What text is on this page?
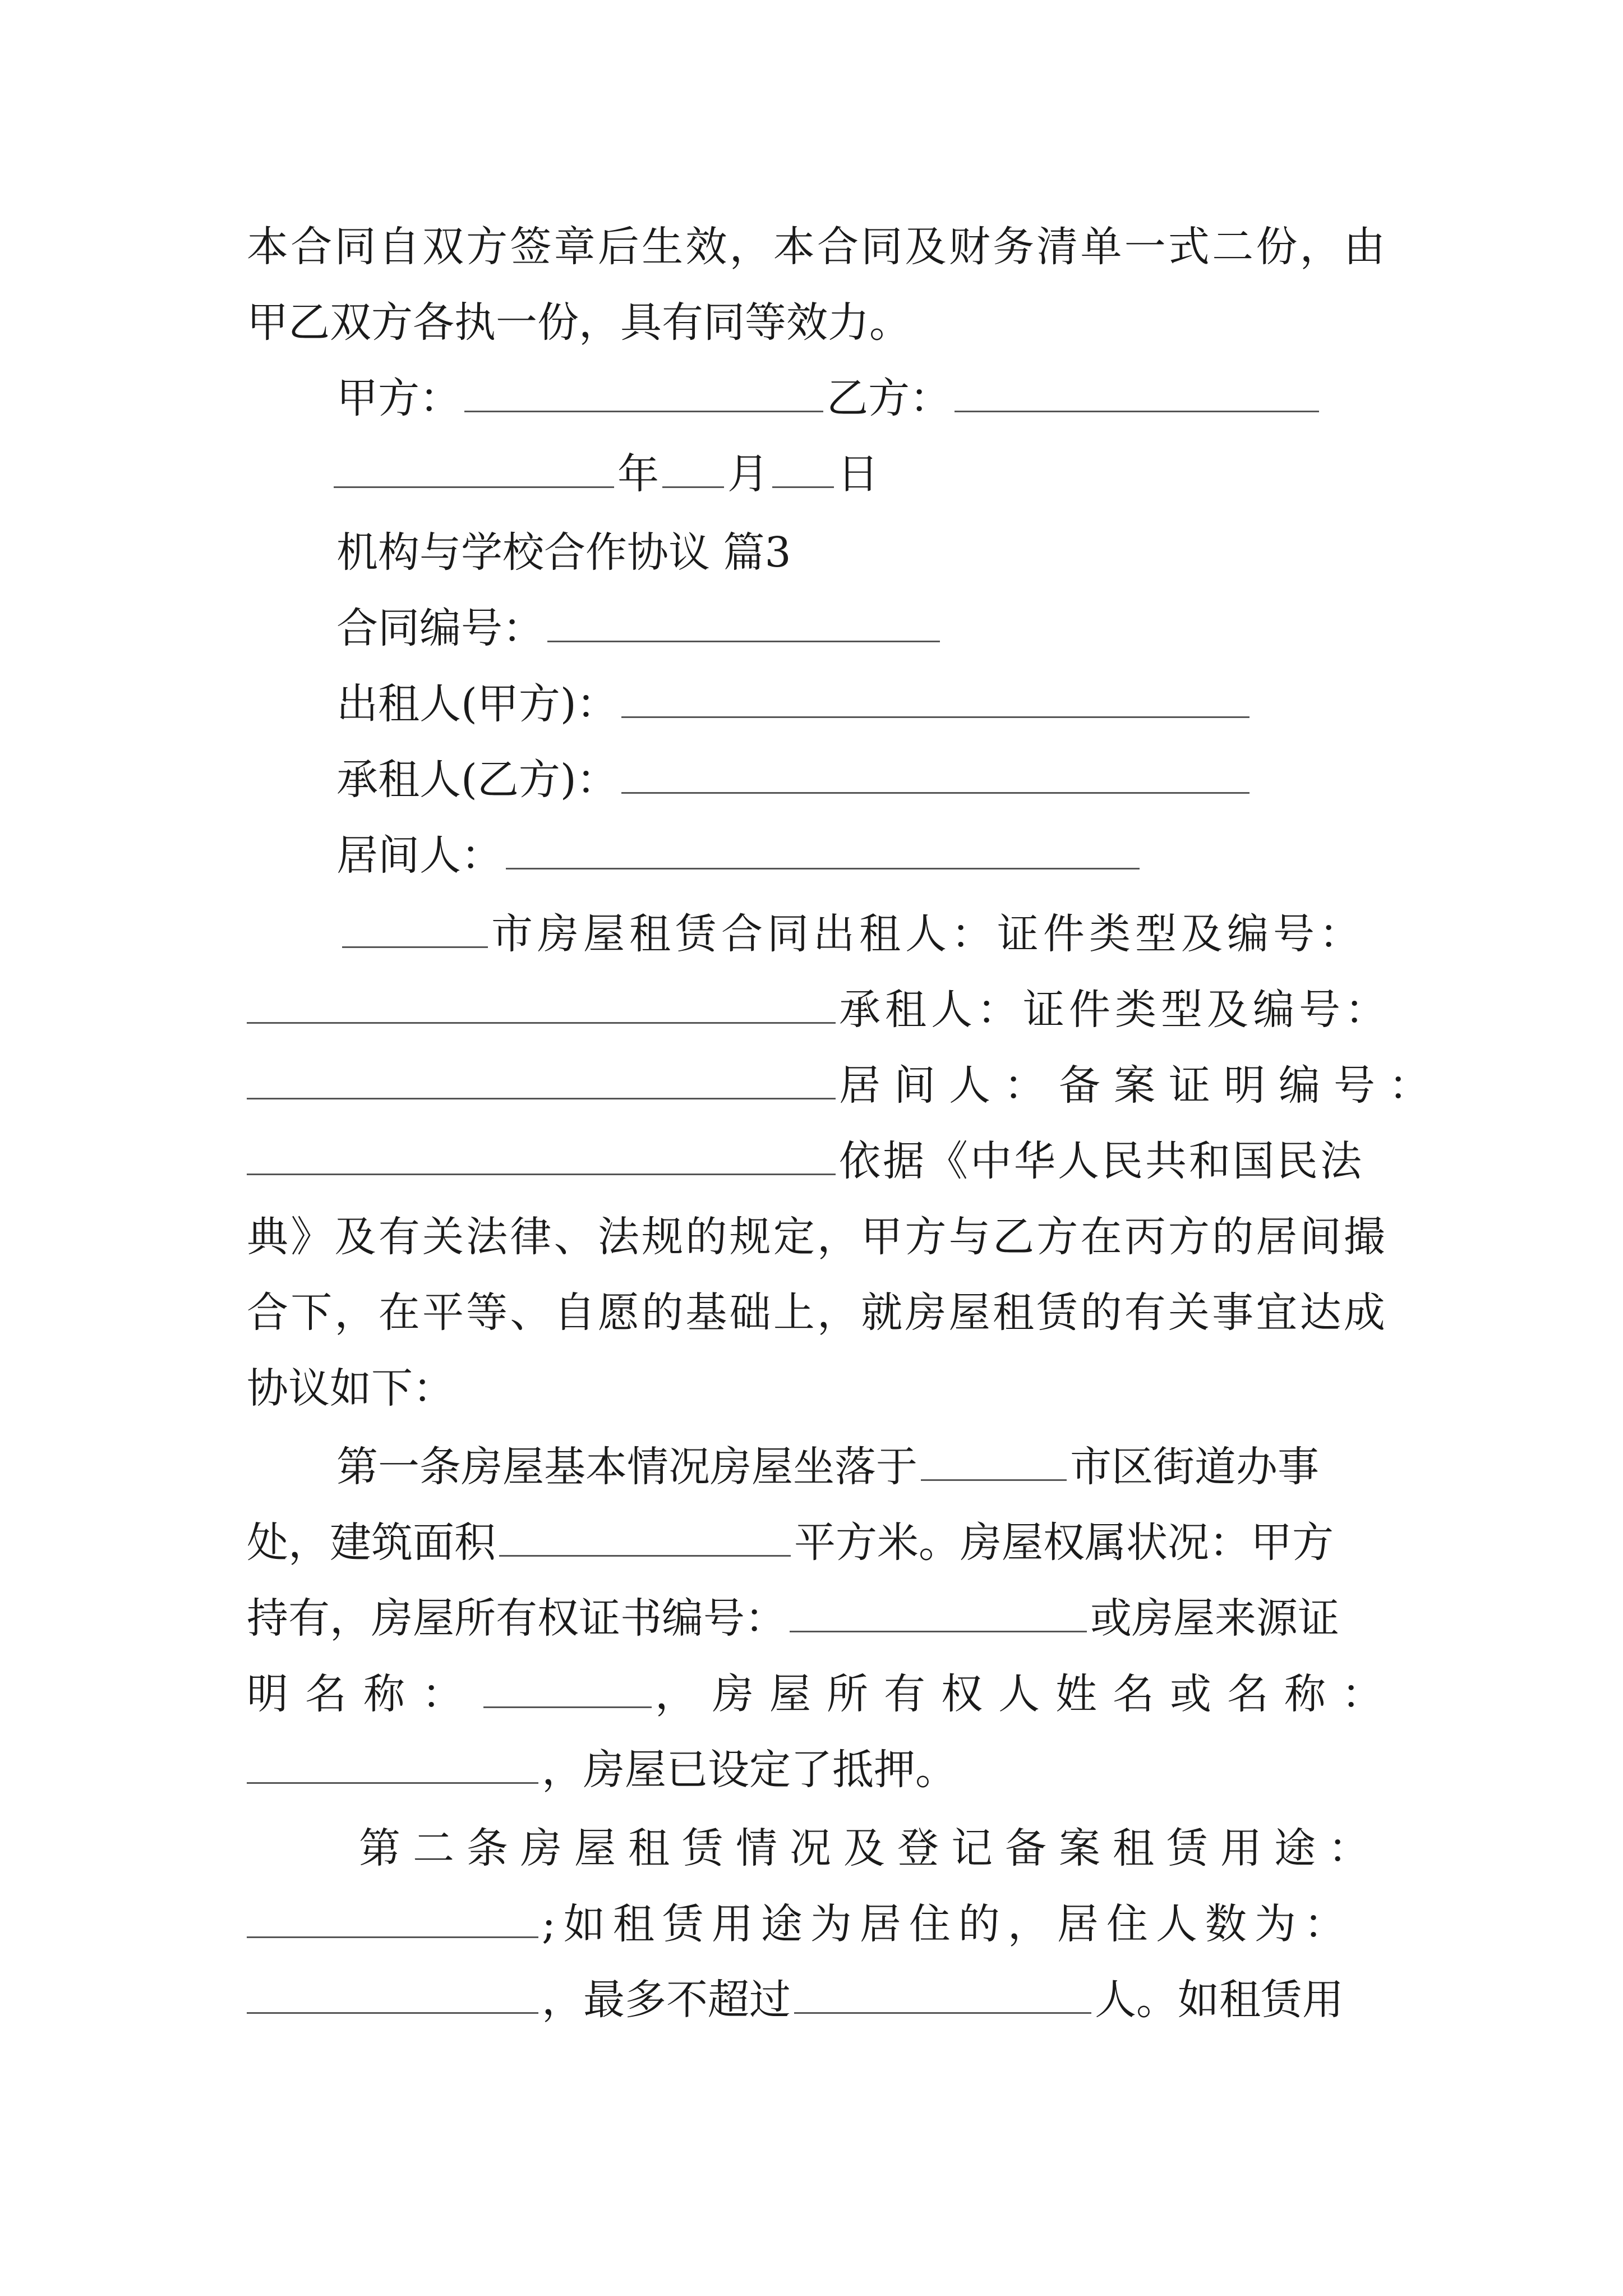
本 合 同 自 双 方 签 章 后 生 效 ， 本 合 同 及 财 务 清 单 一 式 二 份 ， 由
甲乙双方各执一份，具有同等效力。
甲方：	乙方：
年 月 日
机构与学校合作协议 篇3
合同编号：
出租人(甲方)：
承租人(乙方)：
居间人：
市房屋租赁合同出租人：证件类型及编号：
承租人：证件类型及编号：
居间人：备案证明编号：
依据《中华人民共和国民法
典 》 及 有 关 法 律 、 法 规 的 规 定 ， 甲 方 与 乙 方 在 丙 方 的 居 间 撮
合 下 ， 在 平 等 、 自 愿 的 基 础 上 ， 就 房 屋 租 赁 的 有 关 事 宜 达 成
协议如下：
第一条房屋基本情况房屋坐落于	市区街道办事
处，建筑面积	平方米。房屋权属状况：甲方
持有，房屋所有权证书编号：	或房屋来源证
明名称：	，房屋所有权人姓名或名称：
，房屋已设定了抵押。
第二条房屋租赁情况及登记备案租赁用途：
;如租赁用途为居住的，居住人数为：
，最多不超过	人。如租赁用
